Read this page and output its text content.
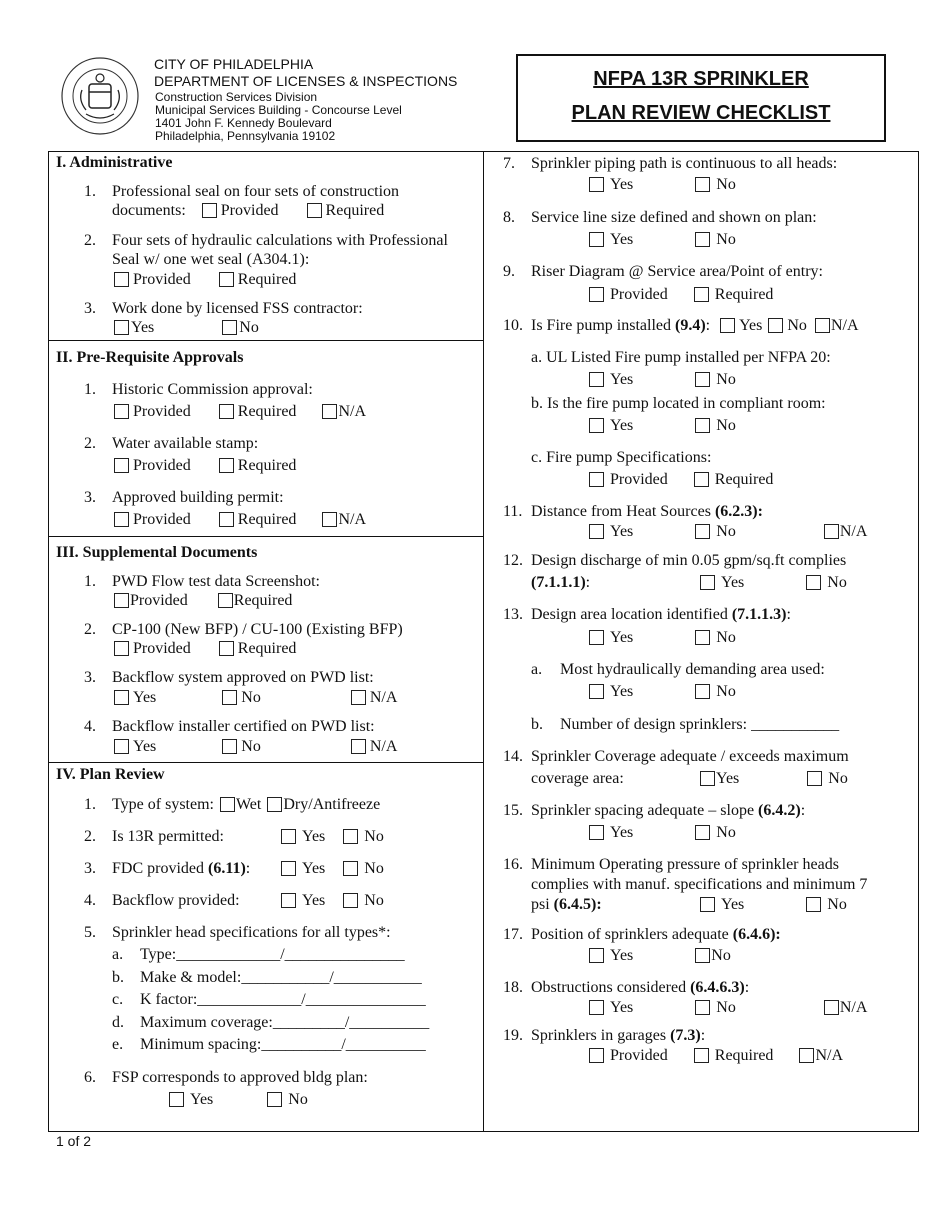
CITY OF PHILADELPHIA
DEPARTMENT OF LICENSES & INSPECTIONS
Construction Services Division
Municipal Services Building - Concourse Level
1401 John F. Kennedy Boulevard
Philadelphia, Pennsylvania 19102
NFPA 13R SPRINKLER
PLAN REVIEW CHECKLIST
I. Administrative
1. Professional seal on four sets of construction
documents: Provided	Required
2. Four sets of hydraulic calculations with Professional
Seal w/ one wet seal (A304.1):
Provided	Required
3. Work done by licensed FSS contractor:
Yes	No
II. Pre-Requisite Approvals
1. Historic Commission approval:
Provided	Required	N/A
2. Water available stamp:
Provided	Required
3. Approved building permit:
Provided	Required	N/A
III. Supplemental Documents
1. PWD Flow test data Screenshot:
Provided	Required
2. CP-100 (New BFP) / CU-100 (Existing BFP)
Provided	Required
3. Backflow system approved on PWD list:
Yes	No	N/A
4. Backflow installer certified on PWD list:
Yes	No	N/A
IV. Plan Review
1. Type of system: Wet Dry/Antifreeze
2. Is 13R permitted:	Yes No
3. FDC provided (6.11):	Yes No
4. Backflow provided:	Yes No
5. Sprinkler head specifications for all types*:
a. Type:_____________/_______________
b. Make & model:___________/___________
c. K factor:_____________/_______________
d. Maximum coverage:_________/__________
e. Minimum spacing:__________/__________
6. FSP corresponds to approved bldg plan:
Yes	No
7. Sprinkler piping path is continuous to all heads:
Yes	No
8. Service line size defined and shown on plan:
Yes	No
9. Riser Diagram @ Service area/Point of entry:
Provided	Required
10. Is Fire pump installed (9.4): Yes No N/A
a. UL Listed Fire pump installed per NFPA 20:
Yes	No
b. Is the fire pump located in compliant room:
Yes	No
c. Fire pump Specifications:
Provided	Required
11. Distance from Heat Sources (6.2.3):
Yes	No	N/A
12. Design discharge of min 0.05 gpm/sq.ft complies
(7.1.1.1):	Yes	No
13. Design area location identified (7.1.1.3):
Yes	No
a. Most hydraulically demanding area used:
Yes	No
b. Number of design sprinklers: ___________
14. Sprinkler Coverage adequate / exceeds maximum
coverage area:	Yes	No
15. Sprinkler spacing adequate – slope (6.4.2):
Yes	No
16. Minimum Operating pressure of sprinkler heads
complies with manuf. specifications and minimum 7
psi (6.4.5):	Yes	No
17. Position of sprinklers adequate (6.4.6):
Yes	No
18. Obstructions considered (6.4.6.3):
Yes	No	N/A
19. Sprinklers in garages (7.3):
Provided	Required	N/A
1 of 2
